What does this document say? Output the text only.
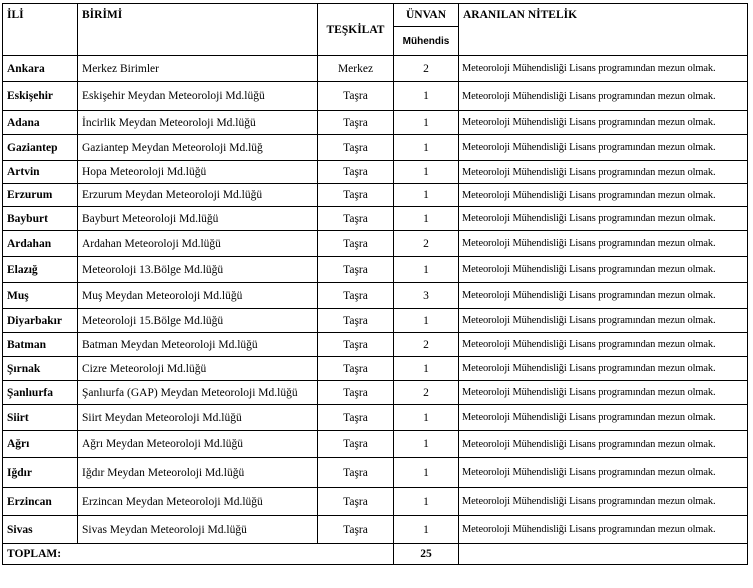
İLİ	BİRİMİ	TEŞKİLAT	ÜNVAN	ARANILAN NİTELİK
			Mühendis	
Ankara	Merkez Birimler	Merkez	2	Meteoroloji Mühendisliği Lisans programından mezun olmak.
Eskişehir	Eskişehir Meydan Meteoroloji Md.lüğü	Taşra	1	Meteoroloji Mühendisliği Lisans programından mezun olmak.
Adana	İncirlik Meydan Meteoroloji Md.lüğü	Taşra	1	Meteoroloji Mühendisliği Lisans programından mezun olmak.
Gaziantep	Gaziantep Meydan Meteoroloji Md.lüğ	Taşra	1	Meteoroloji Mühendisliği Lisans programından mezun olmak.
Artvin	Hopa Meteoroloji Md.lüğü	Taşra	1	Meteoroloji Mühendisliği Lisans programından mezun olmak.
Erzurum	Erzurum Meydan Meteoroloji Md.lüğü	Taşra	1	Meteoroloji Mühendisliği Lisans programından mezun olmak.
Bayburt	Bayburt Meteoroloji Md.lüğü	Taşra	1	Meteoroloji Mühendisliği Lisans programından mezun olmak.
Ardahan	Ardahan Meteoroloji Md.lüğü	Taşra	2	Meteoroloji Mühendisliği Lisans programından mezun olmak.
Elazığ	Meteoroloji 13.Bölge Md.lüğü	Taşra	1	Meteoroloji Mühendisliği Lisans programından mezun olmak.
Muş	Muş Meydan Meteoroloji Md.lüğü	Taşra	3	Meteoroloji Mühendisliği Lisans programından mezun olmak.
Diyarbakır	Meteoroloji 15.Bölge Md.lüğü	Taşra	1	Meteoroloji Mühendisliği Lisans programından mezun olmak.
Batman	Batman Meydan Meteoroloji Md.lüğü	Taşra	2	Meteoroloji Mühendisliği Lisans programından mezun olmak.
Şırnak	Cizre Meteoroloji Md.lüğü	Taşra	1	Meteoroloji Mühendisliği Lisans programından mezun olmak.
Şanlıurfa	Şanlıurfa (GAP) Meydan Meteoroloji Md.lüğü	Taşra	2	Meteoroloji Mühendisliği Lisans programından mezun olmak.
Siirt	Siirt Meydan Meteoroloji Md.lüğü	Taşra	1	Meteoroloji Mühendisliği Lisans programından mezun olmak.
Ağrı	Ağrı Meydan Meteoroloji Md.lüğü	Taşra	1	Meteoroloji Mühendisliği Lisans programından mezun olmak.
Iğdır	Iğdır Meydan Meteoroloji Md.lüğü	Taşra	1	Meteoroloji Mühendisliği Lisans programından mezun olmak.
Erzincan	Erzincan Meydan Meteoroloji Md.lüğü	Taşra	1	Meteoroloji Mühendisliği Lisans programından mezun olmak.
Sivas	Sivas Meydan Meteoroloji Md.lüğü	Taşra	1	Meteoroloji Mühendisliği Lisans programından mezun olmak.
TOPLAM:			25	
